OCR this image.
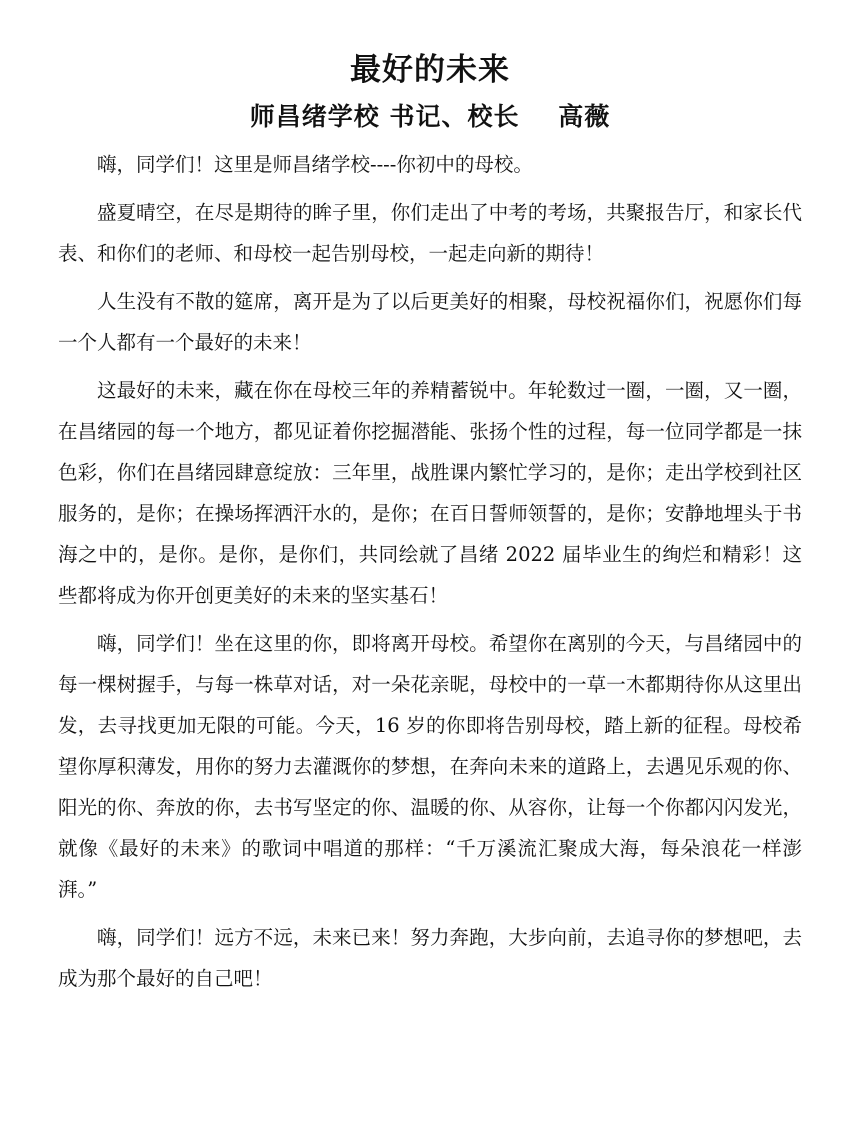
最好的未来
师昌绪学校 书记、校长 高薇

嗨，同学们！这里是师昌绪学校----你初中的母校。

盛夏晴空，在尽是期待的眸子里，你们走出了中考的考场，共聚报告厅，和家长代表、和你们的老师、和母校一起告别母校，一起走向新的期待！

人生没有不散的筵席，离开是为了以后更美好的相聚，母校祝福你们，祝愿你们每一个人都有一个最好的未来！

这最好的未来，藏在你在母校三年的养精蓄锐中。年轮数过一圈，一圈，又一圈，在昌绪园的每一个地方，都见证着你挖掘潜能、张扬个性的过程，每一位同学都是一抹色彩，你们在昌绪园肆意绽放：三年里，战胜课内繁忙学习的，是你；走出学校到社区服务的，是你；在操场挥洒汗水的，是你；在百日誓师领誓的，是你；安静地埋头于书海之中的，是你。是你，是你们，共同绘就了昌绪 2022 届毕业生的绚烂和精彩！这些都将成为你开创更美好的未来的坚实基石！

嗨，同学们！坐在这里的你，即将离开母校。希望你在离别的今天，与昌绪园中的每一棵树握手，与每一株草对话，对一朵花亲昵，母校中的一草一木都期待你从这里出发，去寻找更加无限的可能。今天，16 岁的你即将告别母校，踏上新的征程。母校希望你厚积薄发，用你的努力去灌溉你的梦想，在奔向未来的道路上，去遇见乐观的你、阳光的你、奔放的你，去书写坚定的你、温暖的你、从容你，让每一个你都闪闪发光，就像《最好的未来》的歌词中唱道的那样：“千万溪流汇聚成大海，每朵浪花一样澎湃。”

嗨，同学们！远方不远，未来已来！努力奔跑，大步向前，去追寻你的梦想吧，去成为那个最好的自己吧！
